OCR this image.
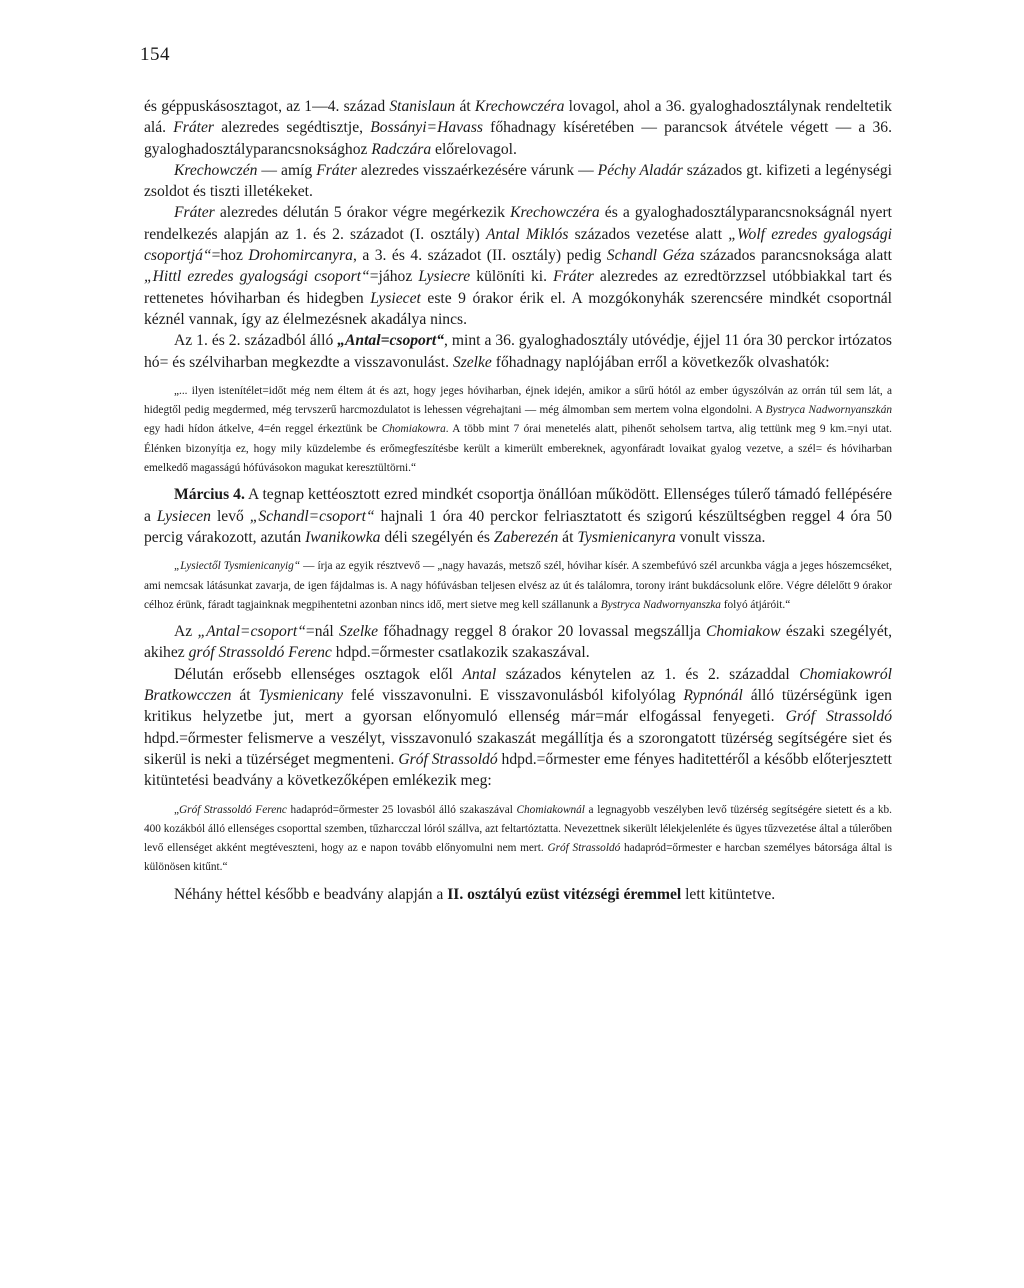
154

és géppuskásosztagot, az 1—4. század Stanislaun át Krechowczéra lovagol, ahol a 36. gyaloghadosztálynak rendeltetik alá. Fráter alezredes segédtisztje, Bossányi=Havass főhadnagy kíséretében — parancsok átvétele végett — a 36. gyaloghadosztályparancsnoksághoz Radczára előrelovagol.

Krechowczén — amíg Fráter alezredes visszaérkezésére várunk — Péchy Aladár százados gt. kifizeti a legénységi zsoldot és tiszti illetékeket.

Fráter alezredes délután 5 órakor végre megérkezik Krechowczéra és a gyaloghadosztályparancsnokságnál nyert rendelkezés alapján az 1. és 2. századot (I. osztály) Antal Miklós százados vezetése alatt „Wolf ezredes gyalogsági csoportjá“=hoz Drohomircanyra, a 3. és 4. századot (II. osztály) pedig Schandl Géza százados parancsnoksága alatt „Hittl ezredes gyalogsági csoport“=jához Lysiecre különíti ki. Fráter alezredes az ezredtörzzsel utóbbiakkal tart és rettenetes hóviharban és hidegben Lysiecet este 9 órakor érik el. A mozgókonyhák szerencsére mindkét csoportnál kéznél vannak, így az élelmezésnek akadálya nincs.

Az 1. és 2. századból álló „Antal=csoport“, mint a 36. gyaloghadosztály utóvédje, éjjel 11 óra 30 perckor irtózatos hó= és szélviharban megkezdte a visszavonulást. Szelke főhadnagy naplójában erről a következők olvashatók:

„... ilyen istenítélet=időt még nem éltem át és azt, hogy jeges hóviharban, éjnek idején, amikor a sűrű hótól az ember úgyszólván az orrán túl sem lát, a hidegtől pedig megdermed, még tervszerű harcmozdulatot is lehessen végrehajtani — még álmomban sem mertem volna elgondolni. A Bystryca Nadwornyanszkán egy hadi hídon átkelve, 4=én reggel érkeztünk be Chomiakowra. A több mint 7 órai menetelés alatt, pihenőt seholsem tartva, alig tettünk meg 9 km.=nyi utat. Élénken bizonyítja ez, hogy mily küzdelembe és erőmegfeszítésbe került a kimerült embereknek, agyonfáradt lovaikat gyalog vezetve, a szél= és hóviharban emelkedő magasságú hófúvásokon magukat keresztültörni.“

Március 4. A tegnap kettéosztott ezred mindkét csoportja önállóan működött. Ellenséges túlerő támadó fellépésére a Lysiecen levő „Schandl=csoport“ hajnali 1 óra 40 perckor felriasztatott és szigorú készültségben reggel 4 óra 50 percig várakozott, azután Iwanikowka déli szegélyén és Zaberezén át Tysmienicanyra vonult vissza.

„Lysiectől Tysmienicanyig“ — írja az egyik résztvevő — „nagy havazás, metsző szél, hóvihar kísér. A szembefúvó szél arcunkba vágja a jeges hószemcséket, ami nemcsak látásunkat zavarja, de igen fájdalmas is. A nagy hófúvásban teljesen elvész az út és találomra, torony iránt bukdácsolunk előre. Végre délelőtt 9 órakor célhoz érünk, fáradt tagjainknak megpihentetni azonban nincs idő, mert sietve meg kell szállanunk a Bystryca Nadwornyanszka folyó átjáróit.“

Az „Antal=csoport“=nál Szelke főhadnagy reggel 8 órakor 20 lovassal megszállja Chomiakow északi szegélyét, akihez gróf Strassoldó Ferenc hdpd.=őrmester csatlakozik szakaszával.

Délután erősebb ellenséges osztagok elől Antal százados kénytelen az 1. és 2. századdal Chomiakowról Bratkowcczen át Tysmienicany felé visszavonulni. E visszavonulásból kifolyólag Rypnónál álló tüzérségünk igen kritikus helyzetbe jut, mert a gyorsan előnyomuló ellenség már=már elfogással fenyegeti. Gróf Strassoldó hdpd.=őrmester felismerve a veszélyt, visszavonuló szakaszát megállítja és a szorongatott tüzérség segítségére siet és sikerül is neki a tüzérséget megmenteni. Gróf Strassoldó hdpd.=őrmester eme fényes haditettéről a később előterjesztett kitüntetési beadvány a következőképen emlékezik meg:

„Gróf Strassoldó Ferenc hadapród=őrmester 25 lovasból álló szakaszával Chomiakownál a legnagyobb veszélyben levő tüzérség segítségére sietett és a kb. 400 kozákból álló ellenséges csoporttal szemben, tűzharcczal lóról szállva, azt feltartóztatta. Nevezettnek sikerült lélekjelenléte és ügyes tűzvezetése által a túlerőben levő ellenséget akként megtéveszteni, hogy az e napon tovább előnyomulni nem mert. Gróf Strassoldó hadapród=őrmester e harcban személyes bátorsága által is különösen kitűnt.“

Néhány héttel később e beadvány alapján a II. osztályú ezüst vitézségi éremmel lett kitüntetve.
